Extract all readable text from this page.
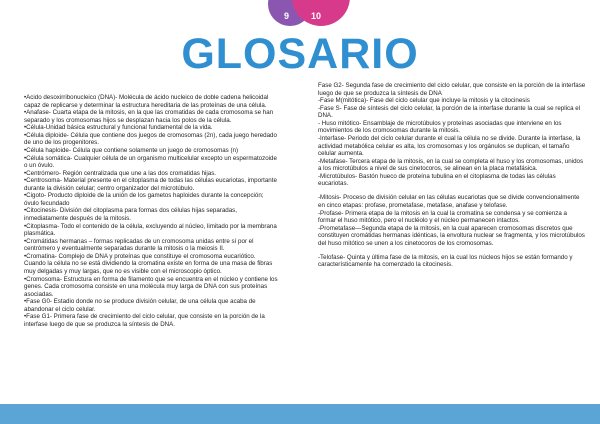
9 10
GLOSARIO

•Acido desoxirribonucleico (DNA)- Molécula de ácido nucleico de doble cadena helicoidal capaz de replicarse y determinar la estructura hereditaria de las proteínas de una célula.

•Anafase- Cuarta etapa de la mitosis, en la que las cromatidas de cada cromosoma se han separado y los cromosomas hijos se desplazan hacia los polos de la célula.

•Célula-Unidad básica estructural y funcional fundamental de la vida.

•Célula diploide- Célula que contiene dos juegos de cromosomas (2n), cada juego heredado de uno de los progenitores.

•Célula haploide- Célula que contiene solamente un juego de cromosomas (n)

•Célula somática- Cualquier célula de un organismo multicelular excepto un espermatozoide o un óvulo.

•Centrómero- Región centralizada que une a las dos cromatidas hijas.

•Centrosoma- Material presente en el citoplasma de todas las células eucariotas, importante durante la división celular; centro organizador del microtúbulo.

•Cigoto- Producto diploide de la unión de los gametos haploides durante la concepción; óvulo fecundado

•Citocinesis- División del citoplasma para formas dos células hijas separadas, inmediatamente después de la mitosis.

•Citoplasma- Todo el contenido de la célula, excluyendo al núcleo, limitado por la membrana plasmática.

•Cromátidas hermanas – formas replicadas de un cromosoma unidas entre sí por el centrómero y eventualmente separadas durante la mitosis o la meiosis II.

•Cromatina- Complejo de DNA y proteínas que constituye el cromosoma eucariótico. Cuando la célula no se está dividiendo la cromatina existe en forma de una masa de fibras muy delgadas y muy largas, que no es visible con el microscopio óptico.

•Cromosoma- Estructura en forma de filamento que se encuentra en el núcleo y contiene los genes. Cada cromosoma consiste en una molécula muy larga de DNA con sus proteínas asociadas.

•Fase G0- Estadio donde no se produce división celular, de una célula que acaba de abandonar el ciclo celular.

•Fase G1- Primera fase de crecimiento del ciclo celular, que consiste en la porción de la interfase luego de que se produzca la síntesis de DNA.

Fase G2- Segunda fase de crecimiento del ciclo celular, que consiste en la porción de la interfase luego de que se produzca la síntesis de DNA

-Fase M(mitótica)- Fase del ciclo celular que incluye la mitosis y la citocinesis

-Fase S- Fase de síntesis del ciclo celular, la porción de la interfase durante la cual se replica el DNA.

- Huso mitótico- Ensamblaje de microtúbulos y proteínas asociadas que interviene en los movimientos de los cromosomas durante la mitosis.

-Interfase- Periodo del ciclo celular durante el cual la célula no se divide. Durante la interfase, la actividad metabólica celular es alta, los cromosomas y los orgánulos se duplican, el tamaño celular aumenta.

-Metafase- Tercera etapa de la mitosis, en la cual se completa el huso y los cromosomas, unidos a los microtúbulos a nivel de sus cinetocoros, se alinean en la placa metafásica.

-Microtúbulos- Bastón hueco de proteína tubulina en el citoplasma de todas las células eucariotas.

-Mitosis- Proceso de división celular en las células eucariotas que se divide convencionalmente en cinco etapas: profase, prometafase, metafase, anafase y telofase.

-Profase- Primera etapa de la mitosis en la cual la cromatina se condensa y se comienza a formar el huso mitótico, pero el nucléolo y el núcleo permanecen intactos.

-Prometafase—Segunda etapa de la mitosis, en la cual aparecen cromosomas discretos que constituyen cromátidas hermanas idénticas, la envoltura nuclear se fragmenta, y los microtúbulos del huso mitótico se unen a los cinetocoros de los cromosomas.

-Telofase- Quinta y última fase de la mitosis, en la cual los núcleos hijos se están formando y característicamente ha comenzado la citocinesis.
